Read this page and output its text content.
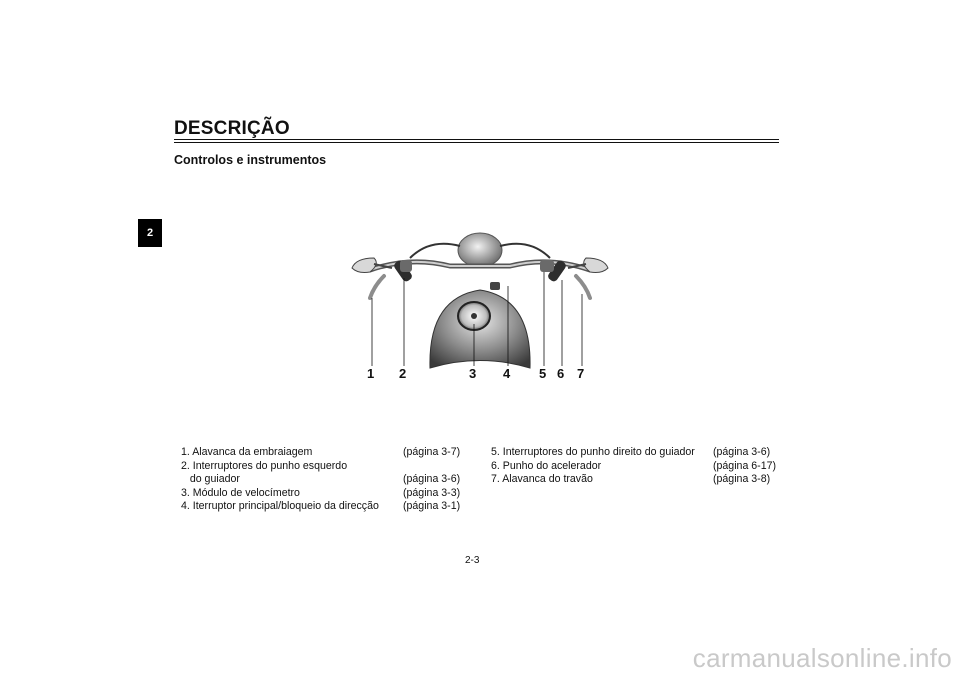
2
DESCRIÇÃO
Controlos e instrumentos
1 2	3 4 5 6 7
1. Alavanca da embraiagem	(página 3-7)
2. Interruptores do punho esquerdo
do guiador	(página 3-6)
3. Módulo de velocímetro	(página 3-3)
4. Iterruptor principal/bloqueio da direcção (página 3-1)
5. Interruptores do punho direito do guiador (página 3-6)
6. Punho do acelerador	(página 6-17)
7. Alavanca do travão	(página 3-8)
2-3
carmanualsonline.info
